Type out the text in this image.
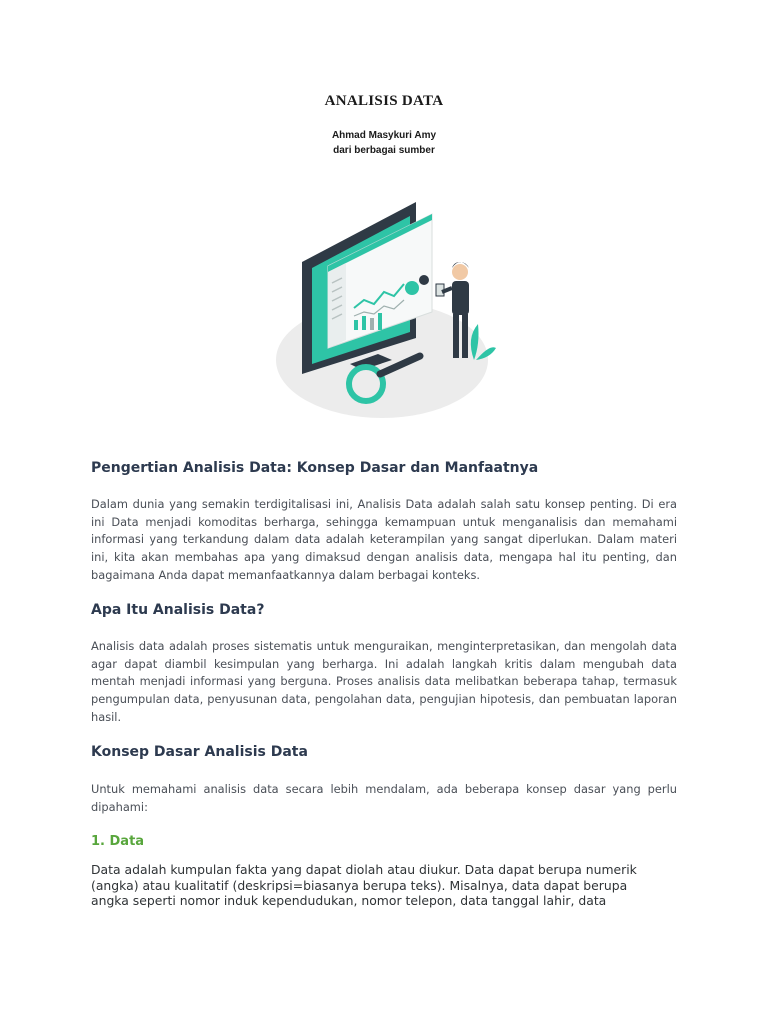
ANALISIS DATA
Ahmad Masykuri Amy
dari berbagai sumber
Pengertian Analisis Data: Konsep Dasar dan Manfaatnya

Dalam dunia yang semakin terdigitalisasi ini, Analisis Data adalah salah satu konsep penting. Di era ini Data menjadi komoditas berharga, sehingga kemampuan untuk menganalisis dan memahami informasi yang terkandung dalam data adalah keterampilan yang sangat diperlukan. Dalam materi ini, kita akan membahas apa yang dimaksud dengan analisis data, mengapa hal itu penting, dan bagaimana Anda dapat memanfaatkannya dalam berbagai konteks.

Apa Itu Analisis Data?

Analisis data adalah proses sistematis untuk menguraikan, menginterpretasikan, dan mengolah data agar dapat diambil kesimpulan yang berharga. Ini adalah langkah kritis dalam mengubah data mentah menjadi informasi yang berguna. Proses analisis data melibatkan beberapa tahap, termasuk pengumpulan data, penyusunan data, pengolahan data, pengujian hipotesis, dan pembuatan laporan hasil.

Konsep Dasar Analisis Data

Untuk memahami analisis data secara lebih mendalam, ada beberapa konsep dasar yang perlu dipahami:

1. Data

Data adalah kumpulan fakta yang dapat diolah atau diukur. Data dapat berupa numerik (angka) atau kualitatif (deskripsi=biasanya berupa teks). Misalnya, data dapat berupa angka seperti nomor induk kependudukan, nomor telepon, data tanggal lahir, data
